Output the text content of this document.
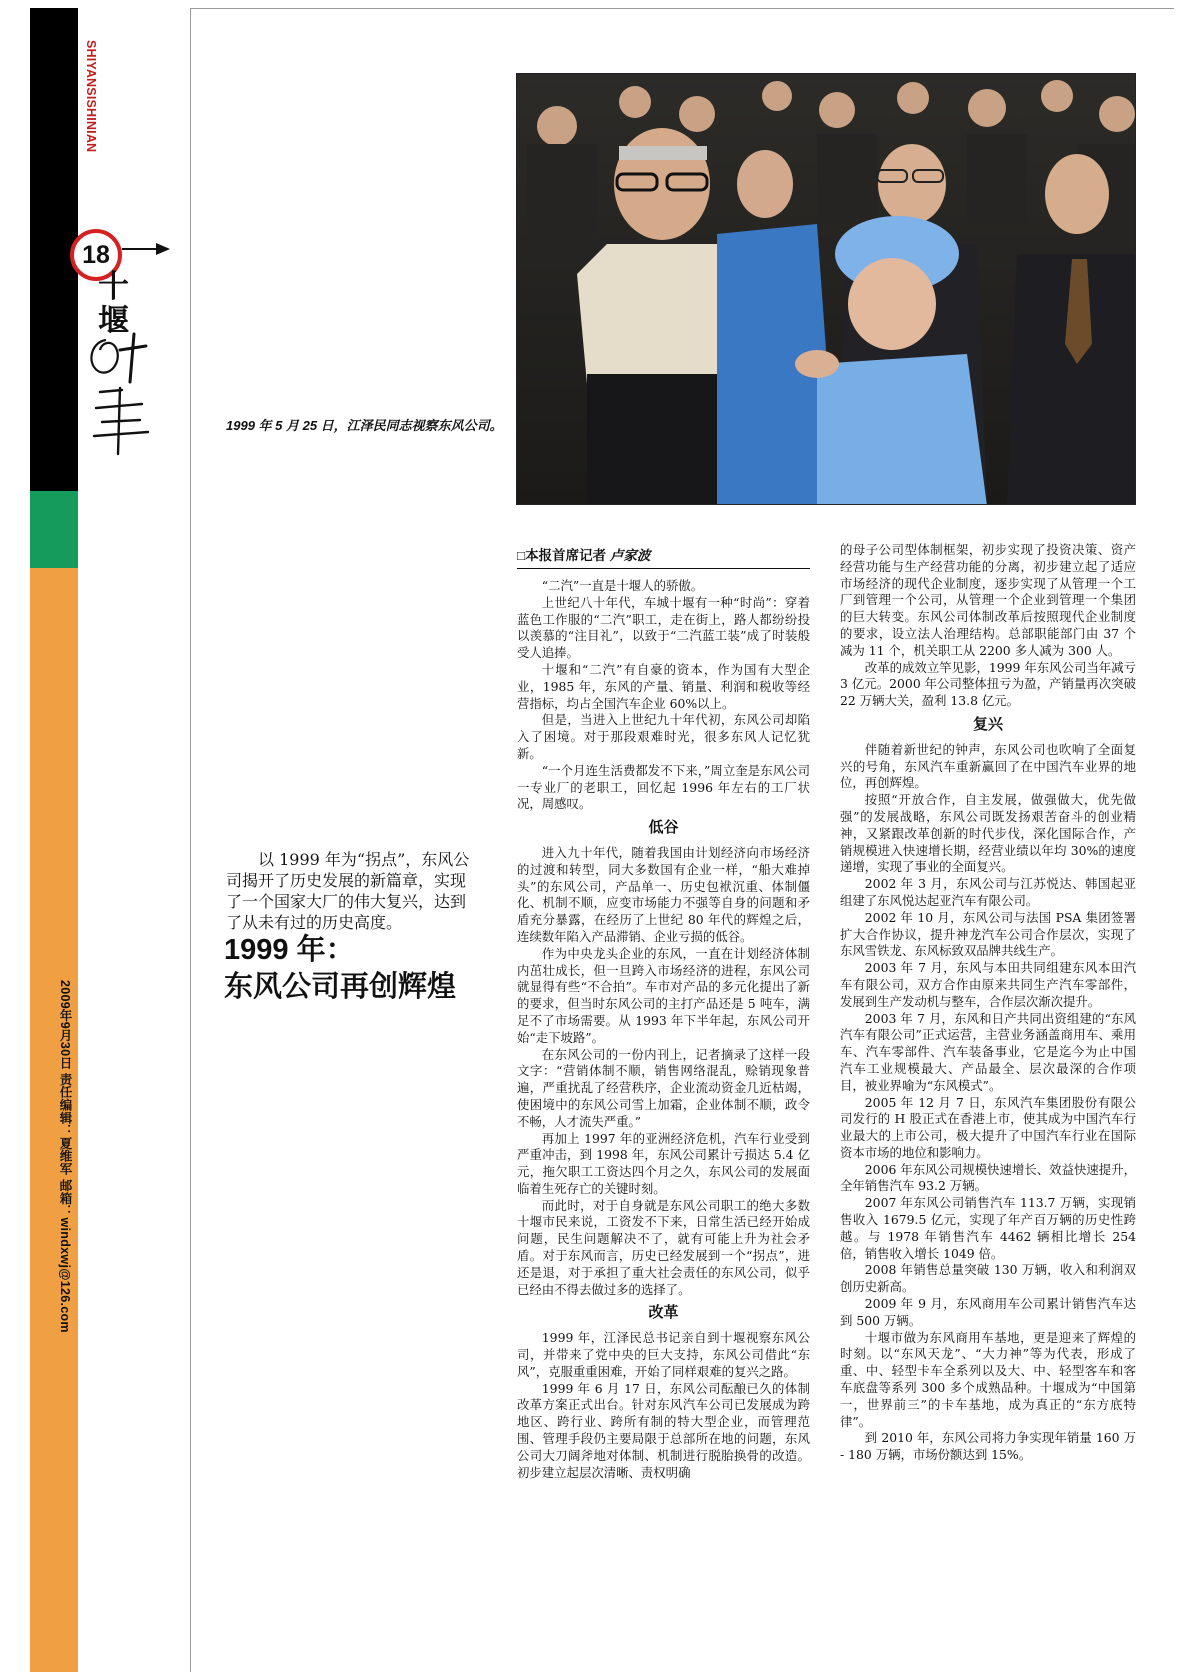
SHIYANSISHINIAN
18
十
堰
2009年9月30日 责任编辑：夏维军 邮箱：windxwj@126.com
1999 年 5 月 25 日，江泽民同志视察东风公司。
以 1999 年为“拐点”，东风公司揭开了历史发展的新篇章，实现了一个国家大厂的伟大复兴，达到了从未有过的历史高度。
1999 年：
东风公司再创辉煌
□本报首席记者 卢家波

“二汽”一直是十堰人的骄傲。

上世纪八十年代，车城十堰有一种“时尚”：穿着蓝色工作服的“二汽”职工，走在街上，路人都纷纷投以羡慕的“注目礼”，以致于“二汽蓝工装”成了时装般受人追捧。

十堰和“二汽”有自豪的资本，作为国有大型企业，1985 年，东风的产量、销量、利润和税收等经营指标，均占全国汽车企业 60%以上。

但是，当进入上世纪九十年代初，东风公司却陷入了困境。对于那段艰难时光，很多东风人记忆犹新。

“一个月连生活费都发不下来，”周立奎是东风公司一专业厂的老职工，回忆起 1996 年左右的工厂状况，周感叹。

低谷

进入九十年代，随着我国由计划经济向市场经济的过渡和转型，同大多数国有企业一样，“船大难掉头”的东风公司，产品单一、历史包袱沉重、体制僵化、机制不顺，应变市场能力不强等自身的问题和矛盾充分暴露，在经历了上世纪 80 年代的辉煌之后，连续数年陷入产品滞销、企业亏损的低谷。

作为中央龙头企业的东风，一直在计划经济体制内茁壮成长，但一旦跨入市场经济的进程，东风公司就显得有些“不合拍”。车市对产品的多元化提出了新的要求，但当时东风公司的主打产品还是 5 吨车，满足不了市场需要。从 1993 年下半年起，东风公司开始“走下坡路”。

在东风公司的一份内刊上，记者摘录了这样一段文字：“营销体制不顺，销售网络混乱，赊销现象普遍，严重扰乱了经营秩序，企业流动资金几近枯竭，使困境中的东风公司雪上加霜，企业体制不顺，政令不畅，人才流失严重。”

再加上 1997 年的亚洲经济危机，汽车行业受到严重冲击，到 1998 年，东风公司累计亏损达 5.4 亿元，拖欠职工工资达四个月之久，东风公司的发展面临着生死存亡的关键时刻。

而此时，对于自身就是东风公司职工的绝大多数十堰市民来说，工资发不下来，日常生活已经开始成问题，民生问题解决不了，就有可能上升为社会矛盾。对于东风而言，历史已经发展到一个“拐点”，进还是退，对于承担了重大社会责任的东风公司，似乎已经由不得去做过多的选择了。

改革

1999 年，江泽民总书记亲自到十堰视察东风公司，并带来了党中央的巨大支持，东风公司借此“东风”，克服重重困难，开始了同样艰难的复兴之路。

1999 年 6 月 17 日，东风公司酝酿已久的体制改革方案正式出台。针对东风汽车公司已发展成为跨地区、跨行业、跨所有制的特大型企业，而管理范围、管理手段仍主要局限于总部所在地的问题，东风公司大刀阔斧地对体制、机制进行脱胎换骨的改造。初步建立起层次清晰、责权明确

的母子公司型体制框架，初步实现了投资决策、资产经营功能与生产经营功能的分离，初步建立起了适应市场经济的现代企业制度，逐步实现了从管理一个工厂到管理一个公司，从管理一个企业到管理一个集团的巨大转变。东风公司体制改革后按照现代企业制度的要求，设立法人治理结构。总部职能部门由 37 个减为 11 个，机关职工从 2200 多人减为 300 人。

改革的成效立竿见影，1999 年东风公司当年减亏 3 亿元。2000 年公司整体扭亏为盈，产销量再次突破 22 万辆大关，盈利 13.8 亿元。

复兴

伴随着新世纪的钟声，东风公司也吹响了全面复兴的号角，东风汽车重新赢回了在中国汽车业界的地位，再创辉煌。

按照“开放合作，自主发展，做强做大，优先做强”的发展战略，东风公司既发扬艰苦奋斗的创业精神，又紧跟改革创新的时代步伐，深化国际合作，产销规模进入快速增长期，经营业绩以年均 30%的速度递增，实现了事业的全面复兴。

2002 年 3 月，东风公司与江苏悦达、韩国起亚组建了东风悦达起亚汽车有限公司。

2002 年 10 月，东风公司与法国 PSA 集团签署扩大合作协议，提升神龙汽车公司合作层次，实现了东风雪铁龙、东风标致双品牌共线生产。

2003 年 7 月，东风与本田共同组建东风本田汽车有限公司，双方合作由原来共同生产汽车零部件，发展到生产发动机与整车，合作层次渐次提升。

2003 年 7 月，东风和日产共同出资组建的“东风汽车有限公司”正式运营，主营业务涵盖商用车、乘用车、汽车零部件、汽车装备事业，它是迄今为止中国汽车工业规模最大、产品最全、层次最深的合作项目，被业界喻为“东风模式”。

2005 年 12 月 7 日，东风汽车集团股份有限公司发行的 H 股正式在香港上市，使其成为中国汽车行业最大的上市公司，极大提升了中国汽车行业在国际资本市场的地位和影响力。

2006 年东风公司规模快速增长、效益快速提升，全年销售汽车 93.2 万辆。

2007 年东风公司销售汽车 113.7 万辆，实现销售收入 1679.5 亿元，实现了年产百万辆的历史性跨越。与 1978 年销售汽车 4462 辆相比增长 254 倍，销售收入增长 1049 倍。

2008 年销售总量突破 130 万辆，收入和利润双创历史新高。

2009 年 9 月，东风商用车公司累计销售汽车达到 500 万辆。

十堰市做为东风商用车基地，更是迎来了辉煌的时刻。以“东风天龙”、“大力神”等为代表，形成了重、中、轻型卡车全系列以及大、中、轻型客车和客车底盘等系列 300 多个成熟品种。十堰成为“中国第一，世界前三”的卡车基地，成为真正的“东方底特律”。

到 2010 年，东风公司将力争实现年销量 160 万 - 180 万辆，市场份额达到 15%。
